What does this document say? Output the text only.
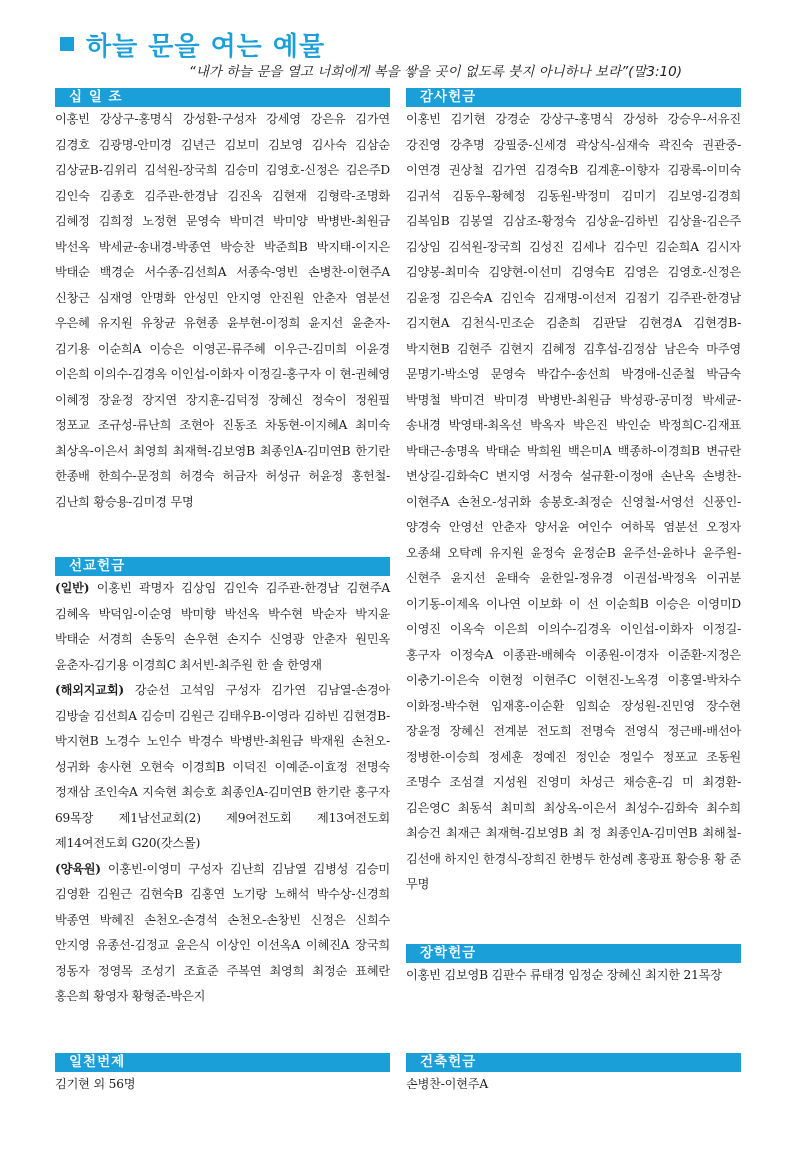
하늘 문을 여는 예물
“내가 하늘 문을 열고 너희에게 복을 쌓을 곳이 없도록 붓지 아니하나 보라”(말3:10)
십 일 조
이홍빈 강상구-홍명식 강성환-구성자 강세영 강은유 김가연 김경호 김광명-안미경 김년근 김보미 김보영 김사숙 김삼순 김상균B-김위리 김석원-장국희 김승미 김영호-신정은 김은주D 김인숙 김종호 김주관-한경남 김진옥 김현재 김형락-조명화 김혜정 김희정 노정현 문영숙 박미견 박미양 박병반-최원금 박선옥 박세균-송내경-박종연 박승찬 박준희B 박지태-이지은 박태순 백경순 서수종-김선희A 서종숙-영빈 손병찬-이현주A 신창근 심재영 안명화 안성민 안지영 안진원 안춘자 염분선 우은혜 유지원 유창균 유현종 윤부현-이정희 윤지선 윤춘자-김기용 이순희A 이승은 이영곤-류주혜 이우근-김미희 이윤경 이은희 이의수-김경옥 이인섭-이화자 이정길-홍구자 이 현-권혜영 이혜정 장윤정 장지연 장지훈-김덕정 장혜신 정숙이 정원필 정포교 조규성-류난희 조현아 진동조 차동현-이지혜A 최미숙 최상옥-이은서 최영희 최재혁-김보영B 최종인A-김미연B 한기란 한종배 한희수-문정희 허경숙 허금자 허성규 허윤정 홍헌철-김난희 황승용-김미경 무명
선교헌금

(일반) 이홍빈 곽명자 김상임 김인숙 김주관-한경남 김현주A 김혜옥 박덕임-이순영 박미향 박선옥 박수현 박순자 박지윤 박태순 서경희 손동익 손우현 손지수 신영광 안춘자 원민옥 윤춘자-김기용 이경희C 최서빈-최주원 한 솔 한영재

(해외지교회) 강순선 고석임 구성자 김가연 김남열-손경아 김방술 김선희A 김승미 김원근 김태우B-이영라 김하빈 김현경B-박지현B 노경수 노인수 박경수 박병반-최원금 박재원 손천오-성귀화 송사현 오현숙 이경희B 이덕진 이예준-이효정 전명숙 정재삼 조인숙A 지숙현 최승호 최종인A-김미연B 한기란 홍구자 69목장 제1남선교회(2) 제9여전도회 제13여전도회 제14여전도회 G20(갓스몰)

(양육원) 이홍빈-이영미 구성자 김난희 김남열 김병성 김승미 김영환 김원근 김현숙B 김홍연 노기랑 노해석 박수상-신경희 박종연 박혜진 손천오-손경석 손천오-손창빈 신정은 신희수 안지영 유종선-김정교 윤은식 이상인 이선옥A 이혜진A 장국희 정동자 정영목 조성기 조효준 주복연 최영희 최정순 표혜란 홍은희 황영자 황형준-박은지

일천번제
김기현 외 56명
감사헌금
이홍빈 김기현 강경순 강상구-홍명식 강성하 강승우-서유진 강진영 강추명 강필중-신세경 곽상식-심재숙 곽진숙 권관중-이연경 권상철 김가연 김경숙B 김계훈-이향자 김광록-이미숙 김귀석 김동우-황혜정 김동원-박정미 김미기 김보영-김경희 김복임B 김봉열 김삼조-황정숙 김상윤-김하빈 김상율-김은주 김상임 김석원-장국희 김성진 김세나 김수민 김순희A 김시자 김양봉-최미숙 김양현-이선미 김영숙E 김영은 김영호-신정은 김윤정 김은숙A 김인숙 김재명-이선저 김점기 김주관-한경남 김지현A 김천식-민조순 김춘희 김판달 김현경A 김현경B-박지현B 김현주 김현지 김혜정 김후섭-김정삼 남은숙 마주영 문명기-박소영 문영숙 박갑수-송선희 박경애-신준철 박금숙 박명철 박미견 박미경 박병반-최원금 박성광-공미정 박세균-송내경 박영태-최옥선 박옥자 박은진 박인순 박정희C-김재표 박태근-송명옥 박태순 박희원 백은미A 백종하-이경희B 변규란 변상길-김화숙C 변지영 서정숙 설규환-이정애 손난옥 손병찬-이현주A 손천오-성귀화 송봉호-최정순 신영철-서영선 신풍인-양경숙 안영선 안춘자 양서윤 여인수 여하목 염분선 오정자 오종쇄 오탁례 유지원 윤정숙 윤정순B 윤주선-윤하나 윤주원-신현주 윤지선 윤태숙 윤한일-정유경 이권섭-박정옥 이귀분 이기동-이제옥 이나연 이보화 이 선 이순희B 이승은 이영미D 이영진 이옥숙 이은희 이의수-김경옥 이인섭-이화자 이정길-홍구자 이정숙A 이종관-배혜숙 이종원-이경자 이준환-지정은 이충기-이은숙 이현정 이현주C 이현진-노옥경 이홍열-박차수 이화정-박수현 임재홍-이순환 임희순 장성원-진민영 장수현 장윤정 장혜신 전계분 전도희 전명숙 전영식 정근배-배선아 정병한-이승희 정세훈 정예진 정인순 정일수 정포교 조동원 조명수 조섬결 지성원 진영미 차성근 채승훈-김 미 최경환-김은영C 최동석 최미희 최상옥-이은서 최성수-김화숙 최수희 최승건 최재근 최재혁-김보영B 최 정 최종인A-김미연B 최해철-김선애 하지인 한경식-장희진 한병두 한성례 홍광표 황승용 황 준 무명
장학헌금
이홍빈 김보영B 김판수 류태경 임정순 장혜신 최지한 21목장
건축헌금
손병찬-이현주A
